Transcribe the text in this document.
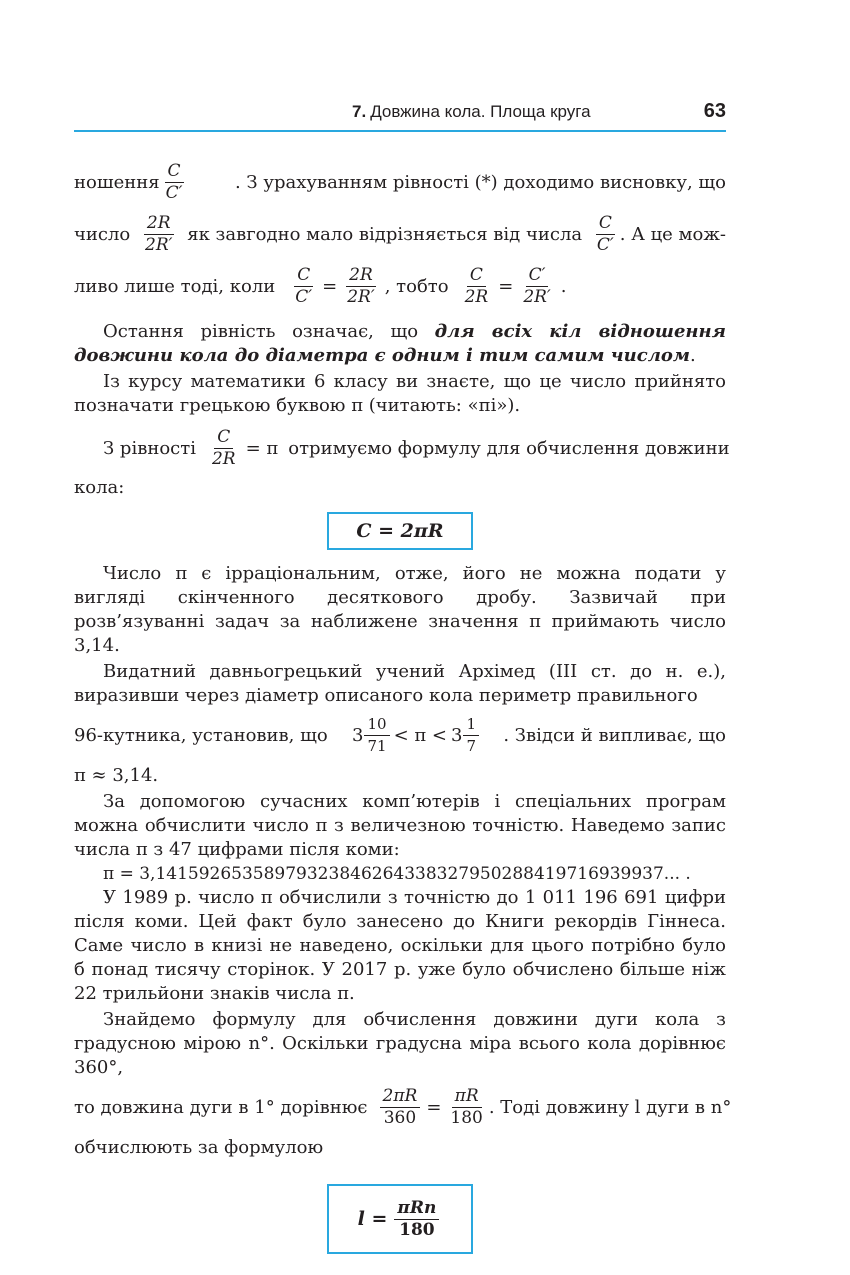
7. Довжина кола. Площа круга	63
ношення $\frac{C}{C'}$	. З урахуванням рівності (*) доходимо висновку, що
число $\frac{2R}{2R'}$ як завгодно мало відрізняється від числа $\frac{C}{C'}$ . А це мож-
ливо лише тоді, коли $\frac{C}{C'} = \frac{2R}{2R'}$ , тобто $\frac{C}{2R} = \frac{C'}{2R'}$ .

Остання рівність означає, що для всіх кіл відношення довжини кола до діаметра є одним і тим самим числом.

Із курсу математики 6 класу ви знаєте, що це число прийнято позначати грецькою буквою π (читають: «пі»).

З рівності $\frac{C}{2R} = \pi$ отримуємо формулу для обчислення довжини

кола:

C = 2πR

Число π є ірраціональним, отже, його не можна подати у вигляді скінченного десяткового дробу. Зазвичай при розв’язуванні задач за наближене значення π приймають число 3,14.

Видатний давньогрецький учений Архімед (III ст. до н. е.), виразивши через діаметр описаного кола периметр правильного

96-кутника, установив, що $3 \frac{10}{71} < \pi < 3 \frac{1}{7}$ . Звідси й випливає, що

π ≈ 3,14.

За допомогою сучасних комп’ютерів і спеціальних програм можна обчислити число π з величезною точністю. Наведемо запис числа π з 47 цифрами після коми:

π = 3,14159265358979323846264338327950288419716939937... .

У 1989 р. число π обчислили з точністю до 1 011 196 691 цифри після коми. Цей факт було занесено до Книги рекордів Гіннеса. Саме число в книзі не наведено, оскільки для цього потрібно було б понад тисячу сторінок. У 2017 р. уже було обчислено більше ніж 22 трильйони знаків числа π.

Знайдемо формулу для обчислення довжини дуги кола з градусною мірою n°. Оскільки градусна міра всього кола дорівнює 360°,

то довжина дуги в 1° дорівнює $\frac{2\pi R}{360} = \frac{\pi R}{180}$ . Тоді довжину l дуги в n°

обчислюють за формулою

$l = \frac{\text{πRn}}{180}$
